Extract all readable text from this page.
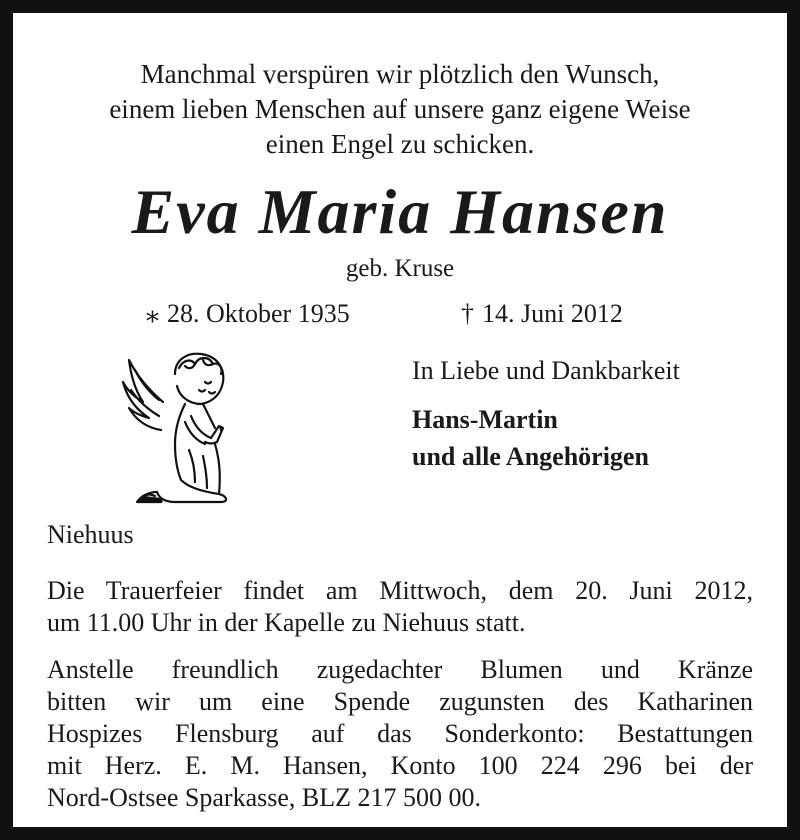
Manchmal verspüren wir plötzlich den Wunsch,
einem lieben Menschen auf unsere ganz eigene Weise
einen Engel zu schicken.
Eva Maria Hansen
geb. Kruse
⁎ 28. Oktober 1935	† 14. Juni 2012
In Liebe und Dankbarkeit
Hans-Martin
und alle Angehörigen
Niehuus
Die Trauerfeier findet am Mittwoch, dem 20. Juni 2012,
um 11.00 Uhr in der Kapelle zu Niehuus statt.
Anstelle freundlich zugedachter Blumen und Kränze
bitten wir um eine Spende zugunsten des Katharinen
Hospizes Flensburg auf das Sonderkonto: Bestattungen
mit Herz. E. M. Hansen, Konto 100 224 296 bei der
Nord-Ostsee Sparkasse, BLZ 217 500 00.
